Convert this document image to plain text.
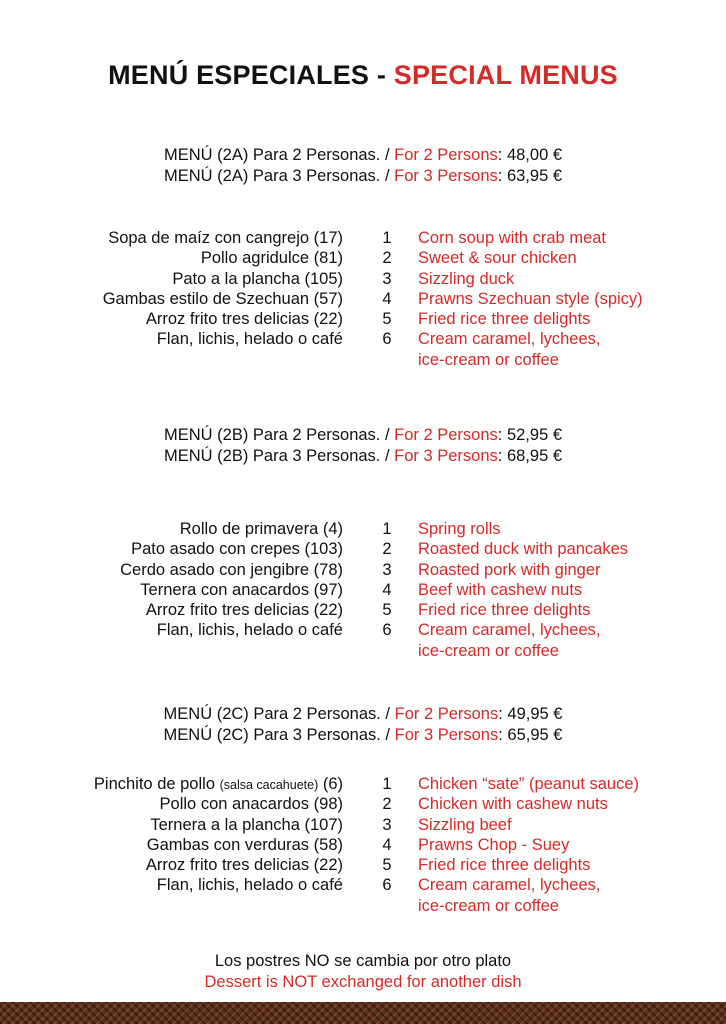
MENÚ ESPECIALES - SPECIAL MENUS
MENÚ (2A) Para 2 Personas. / For 2 Persons: 48,00 €
MENÚ (2A) Para 3 Personas. / For 3 Persons: 63,95 €
Sopa de maíz con cangrejo (17) 1 Corn soup with crab meat
Pollo agridulce (81) 2 Sweet & sour chicken
Pato a la plancha (105) 3 Sizzling duck
Gambas estilo de Szechuan (57) 4 Prawns Szechuan style (spicy)
Arroz frito tres delicias (22) 5 Fried rice three delights
Flan, lichis, helado o café 6 Cream caramel, lychees,
ice-cream or coffee
MENÚ (2B) Para 2 Personas. / For 2 Persons: 52,95 €
MENÚ (2B) Para 3 Personas. / For 3 Persons: 68,95 €
Rollo de primavera (4) 1 Spring rolls
Pato asado con crepes (103) 2 Roasted duck with pancakes
Cerdo asado con jengibre (78) 3 Roasted pork with ginger
Ternera con anacardos (97) 4 Beef with cashew nuts
Arroz frito tres delicias (22) 5 Fried rice three delights
Flan, lichis, helado o café 6 Cream caramel, lychees,
ice-cream or coffee
MENÚ (2C) Para 2 Personas. / For 2 Persons: 49,95 €
MENÚ (2C) Para 3 Personas. / For 3 Persons: 65,95 €
Pinchito de pollo (salsa cacahuete) (6) 1 Chicken “sate” (peanut sauce)
Pollo con anacardos (98) 2 Chicken with cashew nuts
Ternera a la plancha (107) 3 Sizzling beef
Gambas con verduras (58) 4 Prawns Chop - Suey
Arroz frito tres delicias (22) 5 Fried rice three delights
Flan, lichis, helado o café 6 Cream caramel, lychees,
ice-cream or coffee
Los postres NO se cambia por otro plato
Dessert is NOT exchanged for another dish
